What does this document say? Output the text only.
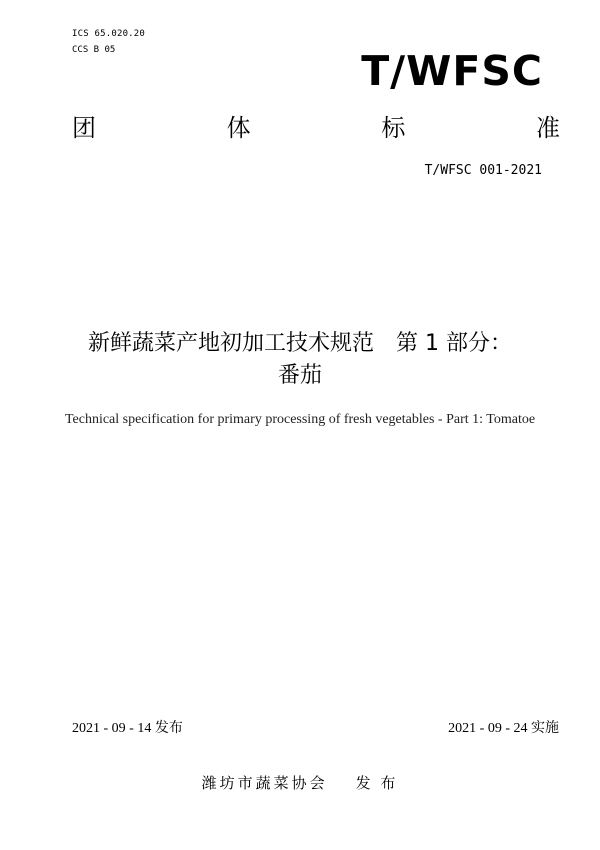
ICS 65.020.20
CCS B 05	T/WFSC
团	体	标	准
T/WFSC 001-2021
新鲜蔬菜产地初加工技术规范　第 1 部分：
番茄
Technical specification for primary processing of fresh vegetables - Part 1: Tomatoe
2021 - 09 - 14 发布	2021 - 09 - 24 实施
潍坊市蔬菜协会 发 布
